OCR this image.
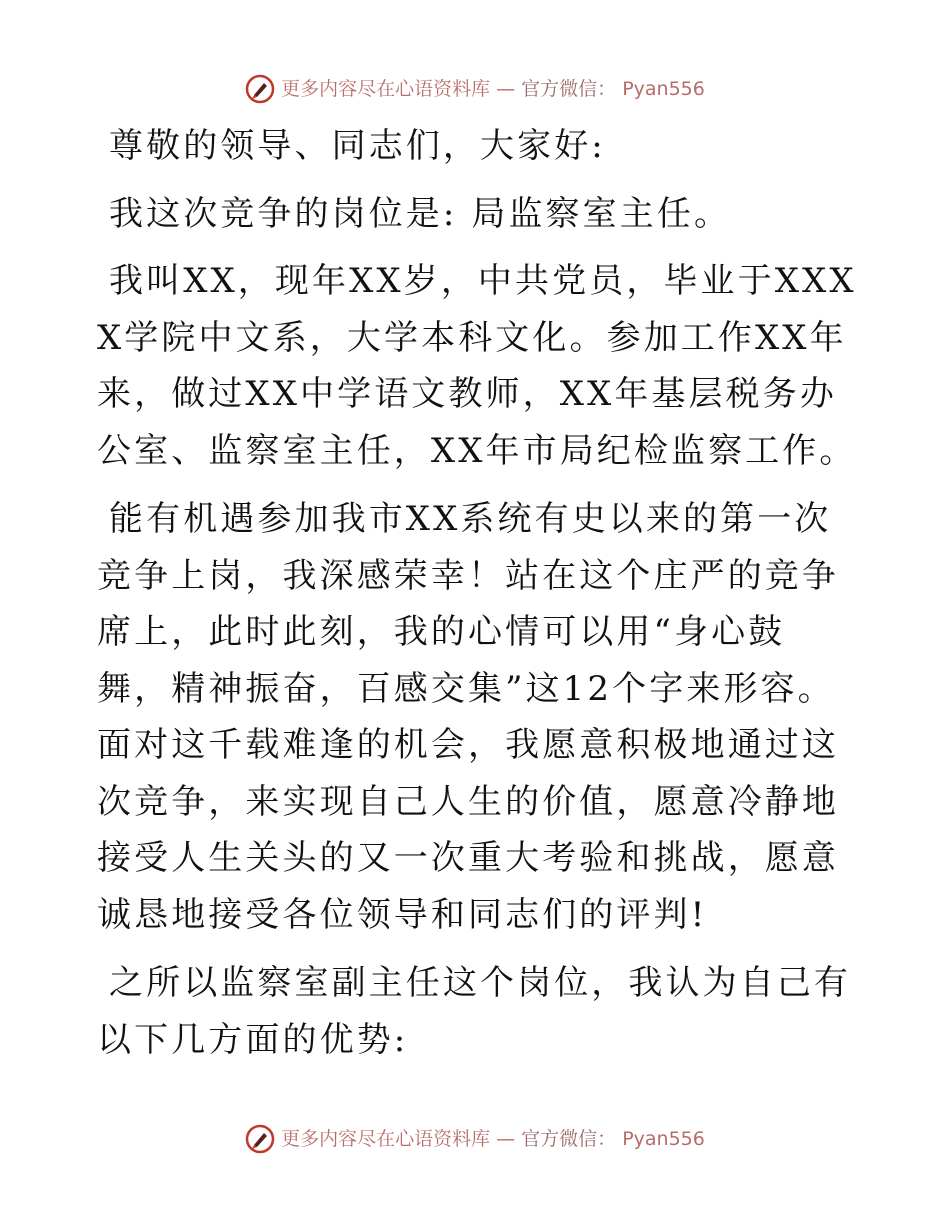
更多内容尽在心语资料库 — 官方微信： Pyan556

尊敬的领导、同志们，大家好:

我这次竞争的岗位是: 局监察室主任。

我叫XX，现年XX岁，中共党员，毕业于XXXX学院中文系，大学本科文化。参加工作XX年来，做过XX中学语文教师，XX年基层税务办公室、监察室主任，XX年市局纪检监察工作。

能有机遇参加我市XX系统有史以来的第一次竞争上岗，我深感荣幸！站在这个庄严的竞争席上，此时此刻，我的心情可以用“身心鼓舞，精神振奋，百感交集”这12个字来形容。面对这千载难逢的机会，我愿意积极地通过这次竞争，来实现自己人生的价值，愿意冷静地接受人生关头的又一次重大考验和挑战，愿意诚恳地接受各位领导和同志们的评判!

之所以监察室副主任这个岗位，我认为自己有以下几方面的优势:

更多内容尽在心语资料库 — 官方微信： Pyan556
